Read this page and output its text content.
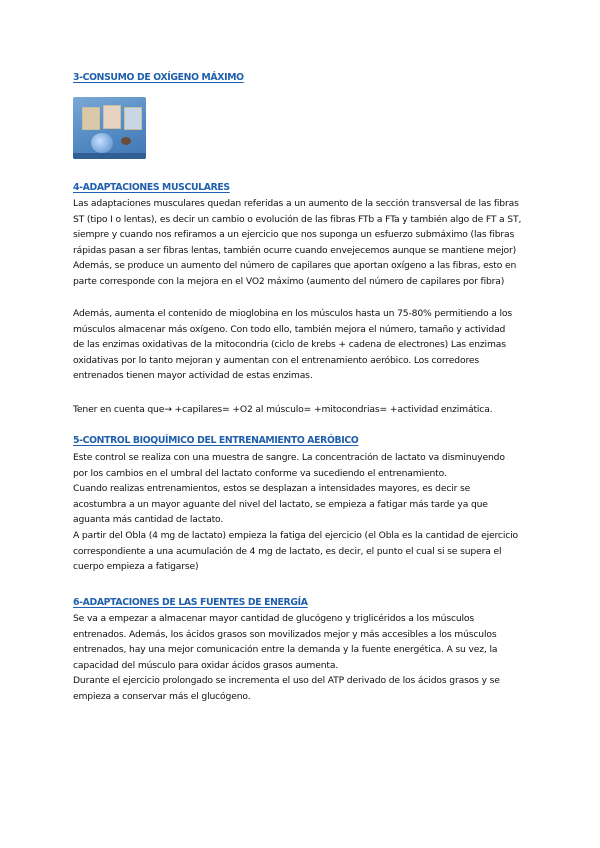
3-CONSUMO DE OXÍGENO MÁXIMO
4-ADAPTACIONES MUSCULARES

Las adaptaciones musculares quedan referidas a un aumento de la sección transversal de las fibras

ST (tipo I o lentas), es decir un cambio o evolución de las fibras FTb a FTa y también algo de FT a ST,

siempre y cuando nos refiramos a un ejercicio que nos suponga un esfuerzo submáximo (las fibras

rápidas pasan a ser fibras lentas, también ocurre cuando envejecemos aunque se mantiene mejor)

Además, se produce un aumento del número de capilares que aportan oxígeno a las fibras, esto en

parte corresponde con la mejora en el VO2 máximo (aumento del número de capilares por fibra)

Además, aumenta el contenido de mioglobina en los músculos hasta un 75-80% permitiendo a los

músculos almacenar más oxígeno. Con todo ello, también mejora el número, tamaño y actividad

de las enzimas oxidativas de la mitocondria (ciclo de krebs + cadena de electrones) Las enzimas

oxidativas por lo tanto mejoran y aumentan con el entrenamiento aeróbico. Los corredores

entrenados tienen mayor actividad de estas enzimas.

Tener en cuenta que→ +capilares= +O2 al músculo= +mitocondrias= +actividad enzimática.

5-CONTROL BIOQUÍMICO DEL ENTRENAMIENTO AERÓBICO

Este control se realiza con una muestra de sangre. La concentración de lactato va disminuyendo

por los cambios en el umbral del lactato conforme va sucediendo el entrenamiento.

Cuando realizas entrenamientos, estos se desplazan a intensidades mayores, es decir se

acostumbra a un mayor aguante del nivel del lactato, se empieza a fatigar más tarde ya que

aguanta más cantidad de lactato.

A partir del Obla (4 mg de lactato) empieza la fatiga del ejercicio (el Obla es la cantidad de ejercicio

correspondiente a una acumulación de 4 mg de lactato, es decir, el punto el cual si se supera el

cuerpo empieza a fatigarse)

6-ADAPTACIONES DE LAS FUENTES DE ENERGÍA

Se va a empezar a almacenar mayor cantidad de glucógeno y triglicéridos a los músculos

entrenados. Además, los ácidos grasos son movilizados mejor y más accesibles a los músculos

entrenados, hay una mejor comunicación entre la demanda y la fuente energética. A su vez, la

capacidad del músculo para oxidar ácidos grasos aumenta.

Durante el ejercicio prolongado se incrementa el uso del ATP derivado de los ácidos grasos y se

empieza a conservar más el glucógeno.
